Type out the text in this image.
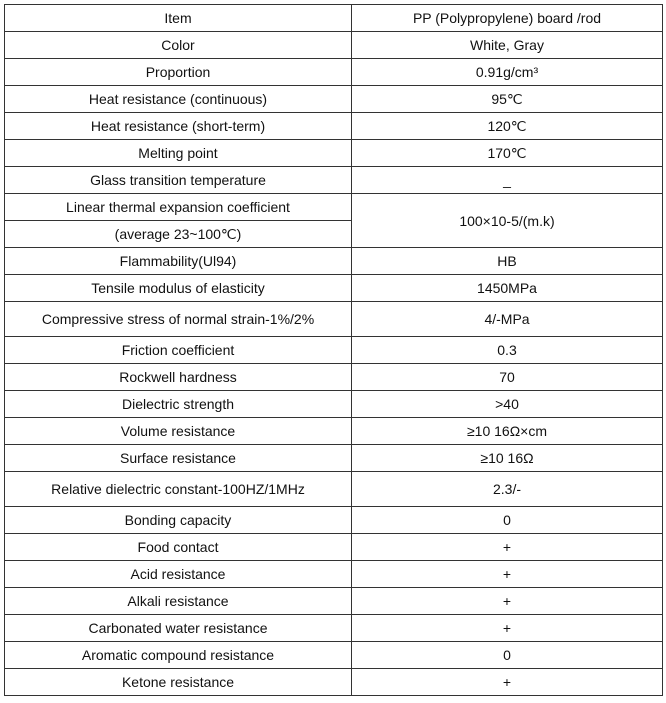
Item	PP (Polypropylene) board /rod
Color	White, Gray
Proportion	0.91g/cm³
Heat resistance (continuous)	95℃
Heat resistance (short-term)	120℃
Melting point	170℃
Glass transition temperature	_
Linear thermal expansion coefficient	100×10-5/(m.k)
(average 23~100℃)	
Flammability(Ul94)	HB
Tensile modulus of elasticity	1450MPa
Compressive stress of normal strain-1%/2%	4/-MPa
Friction coefficient	0.3
Rockwell hardness	70
Dielectric strength	>40
Volume resistance	≥10 16Ω×cm
Surface resistance	≥10 16Ω
Relative dielectric constant-100HZ/1MHz	2.3/-
Bonding capacity	0
Food contact	+
Acid resistance	+
Alkali resistance	+
Carbonated water resistance	+
Aromatic compound resistance	0
Ketone resistance	+
